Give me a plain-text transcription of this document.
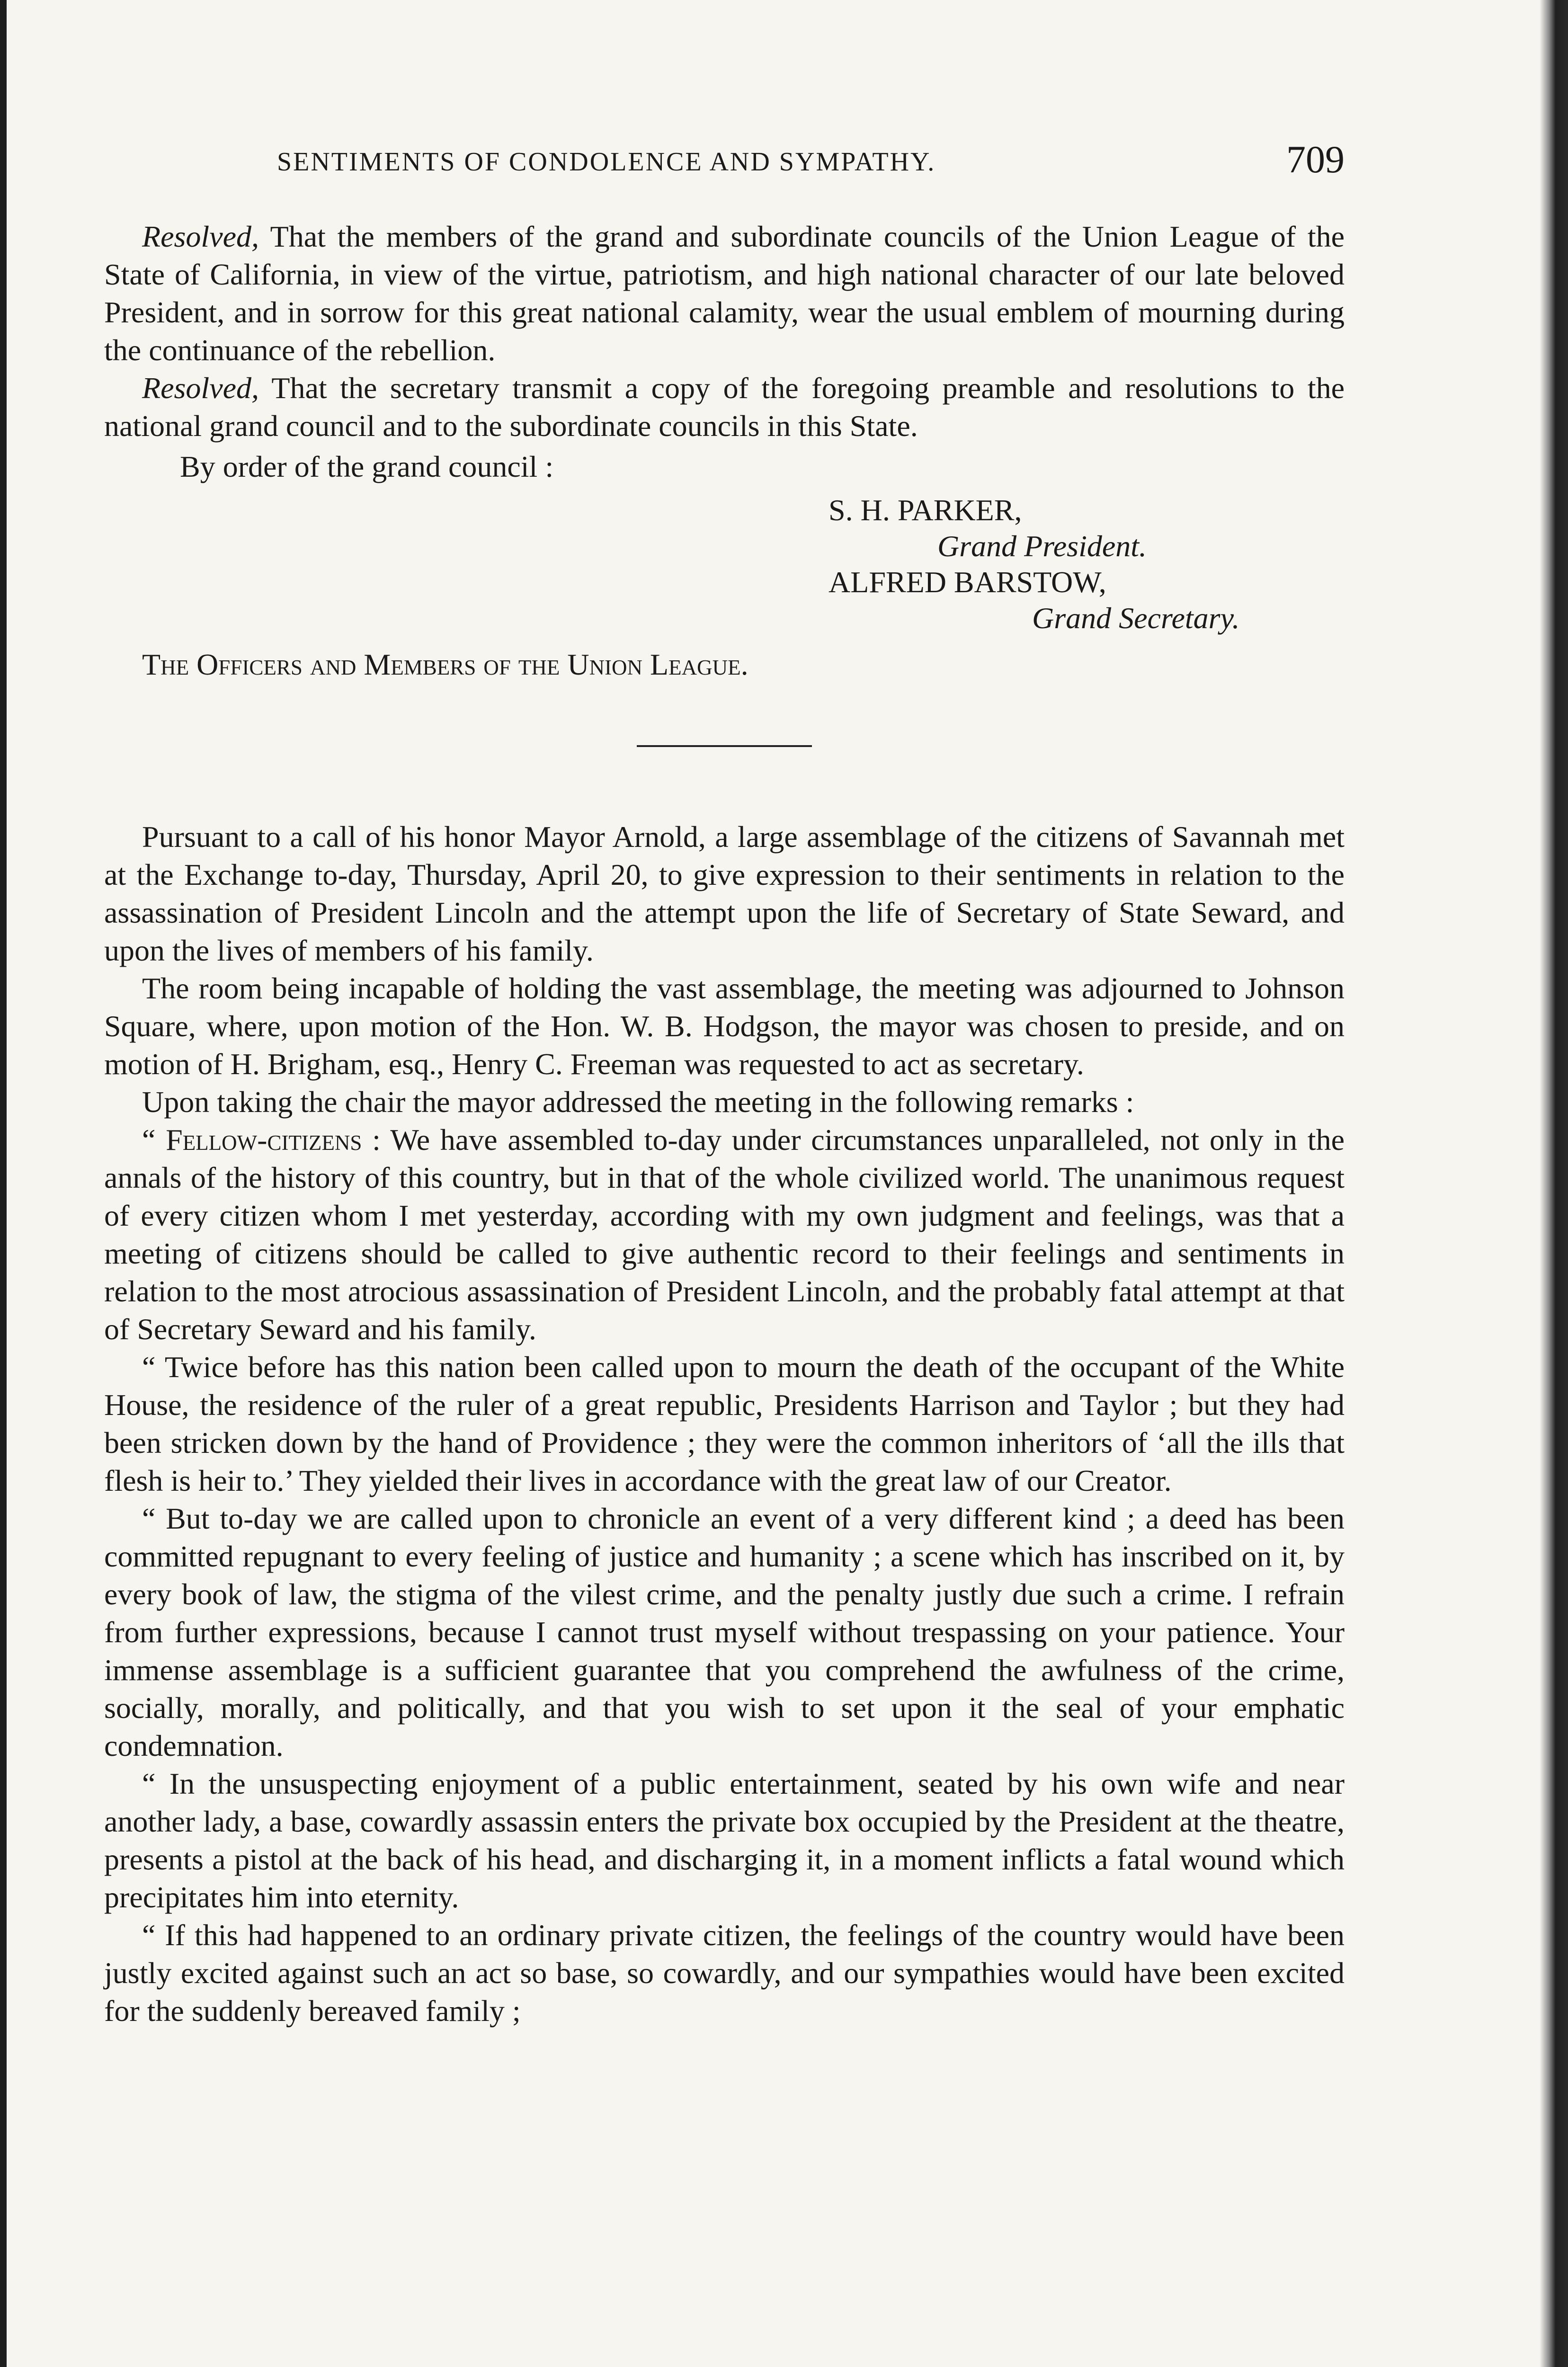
SENTIMENTS OF CONDOLENCE AND SYMPATHY.	709

Resolved, That the members of the grand and subordinate councils of the Union League of the State of California, in view of the virtue, patriotism, and high national character of our late beloved President, and in sorrow for this great national calamity, wear the usual emblem of mourning during the continuance of the rebellion.

Resolved, That the secretary transmit a copy of the foregoing preamble and resolutions to the national grand council and to the subordinate councils in this State.

By order of the grand council :

S. H. PARKER,

Grand President.

ALFRED BARSTOW,

Grand Secretary.

The Officers and Members of the Union League.

Pursuant to a call of his honor Mayor Arnold, a large assemblage of the citizens of Savannah met at the Exchange to-day, Thursday, April 20, to give expression to their sentiments in relation to the assassination of President Lincoln and the attempt upon the life of Secretary of State Seward, and upon the lives of members of his family.

The room being incapable of holding the vast assemblage, the meeting was adjourned to Johnson Square, where, upon motion of the Hon. W. B. Hodgson, the mayor was chosen to preside, and on motion of H. Brigham, esq., Henry C. Freeman was requested to act as secretary.

Upon taking the chair the mayor addressed the meeting in the following remarks :

“ Fellow-citizens : We have assembled to-day under circumstances unparalleled, not only in the annals of the history of this country, but in that of the whole civilized world. The unanimous request of every citizen whom I met yesterday, according with my own judgment and feelings, was that a meeting of citizens should be called to give authentic record to their feelings and sentiments in relation to the most atrocious assassination of President Lincoln, and the probably fatal attempt at that of Secretary Seward and his family.

“ Twice before has this nation been called upon to mourn the death of the occupant of the White House, the residence of the ruler of a great republic, Presidents Harrison and Taylor ; but they had been stricken down by the hand of Providence ; they were the common inheritors of ‘all the ills that flesh is heir to.’ They yielded their lives in accordance with the great law of our Creator.

“ But to-day we are called upon to chronicle an event of a very different kind ; a deed has been committed repugnant to every feeling of justice and humanity ; a scene which has inscribed on it, by every book of law, the stigma of the vilest crime, and the penalty justly due such a crime. I refrain from further expressions, because I cannot trust myself without trespassing on your patience. Your immense assemblage is a sufficient guarantee that you comprehend the awfulness of the crime, socially, morally, and politically, and that you wish to set upon it the seal of your emphatic condemnation.

“ In the unsuspecting enjoyment of a public entertainment, seated by his own wife and near another lady, a base, cowardly assassin enters the private box occupied by the President at the theatre, presents a pistol at the back of his head, and discharging it, in a moment inflicts a fatal wound which precipitates him into eternity.

“ If this had happened to an ordinary private citizen, the feelings of the country would have been justly excited against such an act so base, so cowardly, and our sympathies would have been excited for the suddenly bereaved family ;
